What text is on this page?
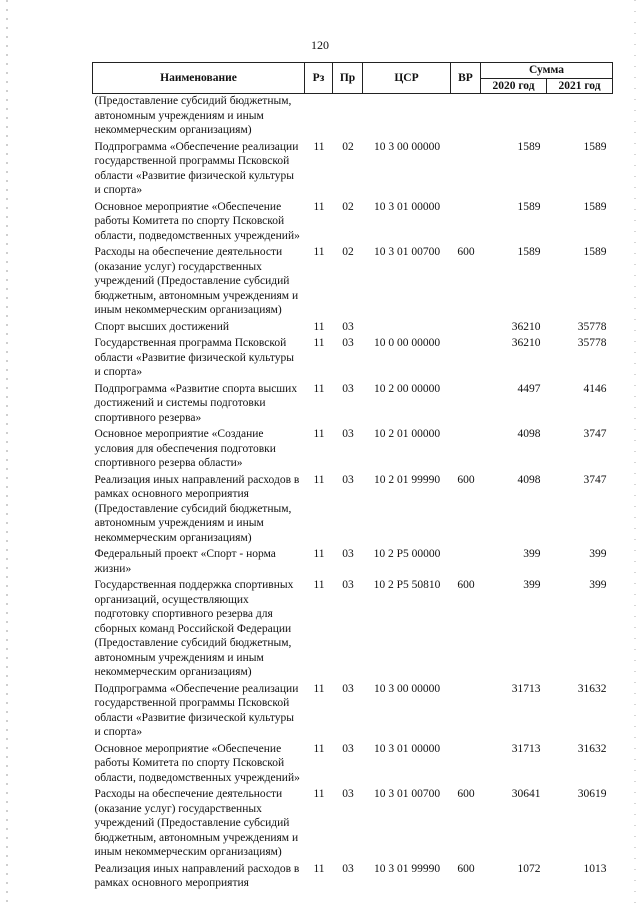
120
Наименование	Рз	Пр	ЦСР	ВР	Сумма	
					2020 год	2021 год
(Предоставление субсидий бюджетным, автономным учреждениям и иным некоммерческим организациям)						
Подпрограмма «Обеспечение реализации государственной программы Псковской области «Развитие физической культуры и спорта»	11	02	10 3 00 00000		1589	1589
Основное мероприятие «Обеспечение работы Комитета по спорту Псковской области, подведомственных учреждений»	11	02	10 3 01 00000		1589	1589
Расходы на обеспечение деятельности (оказание услуг) государственных учреждений (Предоставление субсидий бюджетным, автономным учреждениям и иным некоммерческим организациям)	11	02	10 3 01 00700	600	1589	1589
Спорт высших достижений	11	03			36210	35778
Государственная программа Псковской области «Развитие физической культуры и спорта»	11	03	10 0 00 00000		36210	35778
Подпрограмма «Развитие спорта высших достижений и системы подготовки спортивного резерва»	11	03	10 2 00 00000		4497	4146
Основное мероприятие «Создание условия для обеспечения подготовки спортивного резерва области»	11	03	10 2 01 00000		4098	3747
Реализация иных направлений расходов в рамках основного мероприятия (Предоставление субсидий бюджетным, автономным учреждениям и иным некоммерческим организациям)	11	03	10 2 01 99990	600	4098	3747
Федеральный проект «Спорт - норма жизни»	11	03	10 2 P5 00000		399	399
Государственная поддержка спортивных организаций, осуществляющих подготовку спортивного резерва для сборных команд Российской Федерации (Предоставление субсидий бюджетным, автономным учреждениям и иным некоммерческим организациям)	11	03	10 2 P5 50810	600	399	399
Подпрограмма «Обеспечение реализации государственной программы Псковской области «Развитие физической культуры и спорта»	11	03	10 3 00 00000		31713	31632
Основное мероприятие «Обеспечение работы Комитета по спорту Псковской области, подведомственных учреждений»	11	03	10 3 01 00000		31713	31632
Расходы на обеспечение деятельности (оказание услуг) государственных учреждений (Предоставление субсидий бюджетным, автономным учреждениям и иным некоммерческим организациям)	11	03	10 3 01 00700	600	30641	30619
Реализация иных направлений расходов в рамках основного мероприятия	11	03	10 3 01 99990	600	1072	1013
